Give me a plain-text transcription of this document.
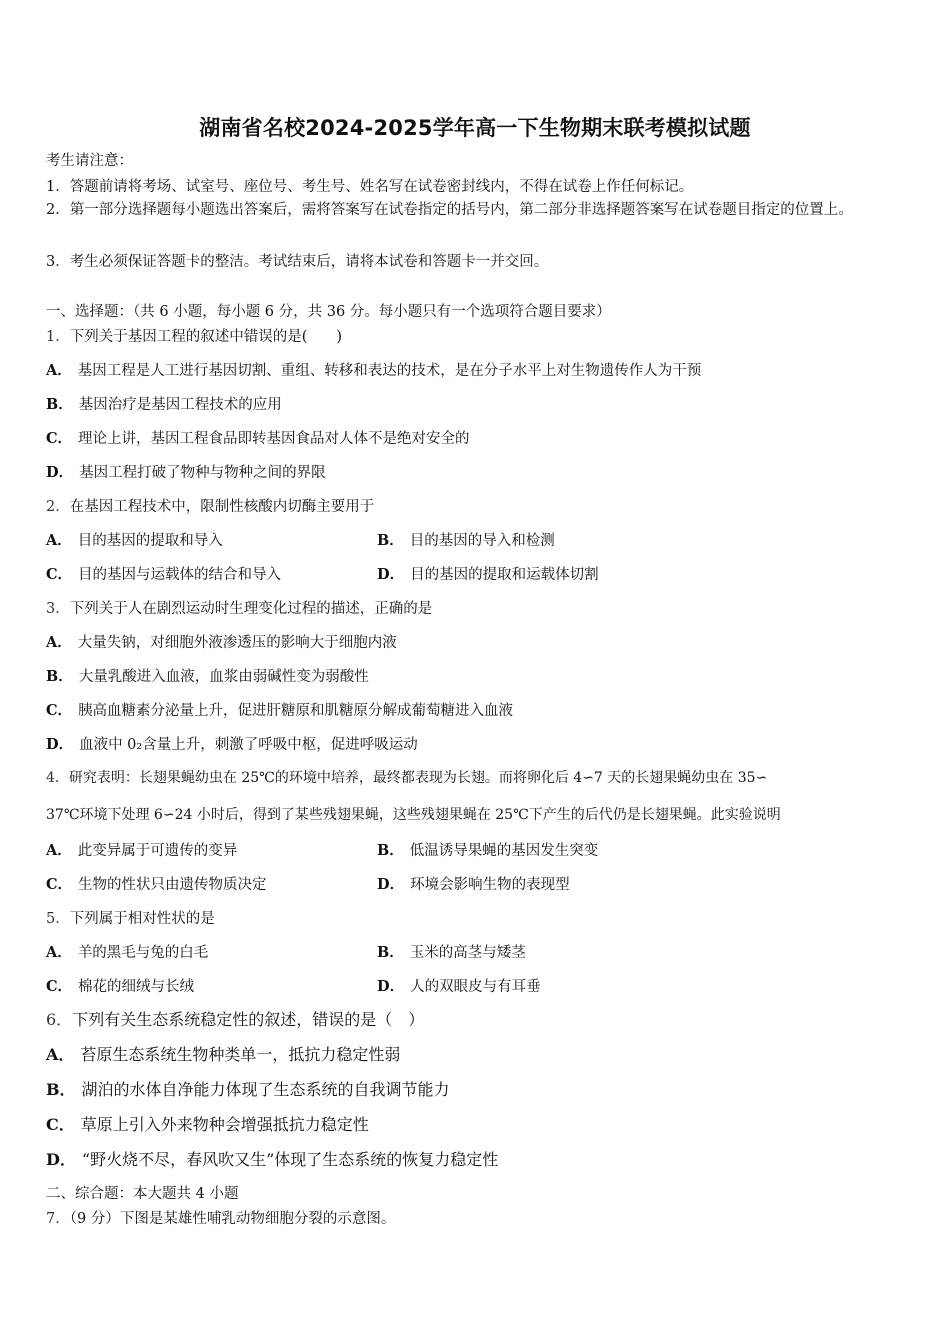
湖南省名校2024-2025学年高一下生物期末联考模拟试题
考生请注意：
1．答题前请将考场、试室号、座位号、考生号、姓名写在试卷密封线内，不得在试卷上作任何标记。
2．第一部分选择题每小题选出答案后，需将答案写在试卷指定的括号内，第二部分非选择题答案写在试卷题目指定的位置上。
3．考生必须保证答题卡的整洁。考试结束后，请将本试卷和答题卡一并交回。
一、选择题：（共 6 小题，每小题 6 分，共 36 分。每小题只有一个选项符合题目要求）
1．下列关于基因工程的叙述中错误的是(　　)
A． 基因工程是人工进行基因切割、重组、转移和表达的技术，是在分子水平上对生物遗传作人为干预
B． 基因治疗是基因工程技术的应用
C． 理论上讲，基因工程食品即转基因食品对人体不是绝对安全的
D． 基因工程打破了物种与物种之间的界限
2．在基因工程技术中，限制性核酸内切酶主要用于
A． 目的基因的提取和导入	B． 目的基因的导入和检测
C． 目的基因与运载体的结合和导入	D． 目的基因的提取和运载体切割
3．下列关于人在剧烈运动时生理变化过程的描述，正确的是
A． 大量失钠，对细胞外液渗透压的影响大于细胞内液
B． 大量乳酸进入血液，血浆由弱碱性变为弱酸性
C． 胰高血糖素分泌量上升，促进肝糖原和肌糖原分解成葡萄糖进入血液
D． 血液中 0₂含量上升，刺激了呼吸中枢，促进呼吸运动
4．研究表明：长翅果蝇幼虫在 25℃的环境中培养，最终都表现为长翅。而将卵化后 4∽7 天的长翅果蝇幼虫在 35∽
37℃环境下处理 6∽24 小时后，得到了某些残翅果蝇，这些残翅果蝇在 25℃下产生的后代仍是长翅果蝇。此实验说明
A． 此变异属于可遗传的变异	B． 低温诱导果蝇的基因发生突变
C． 生物的性状只由遗传物质决定	D． 环境会影响生物的表现型
5．下列属于相对性状的是
A． 羊的黑毛与兔的白毛	B． 玉米的高茎与矮茎
C． 棉花的细绒与长绒	D． 人的双眼皮与有耳垂
6．下列有关生态系统稳定性的叙述，错误的是（　）
A． 苔原生态系统生物种类单一，抵抗力稳定性弱
B． 湖泊的水体自净能力体现了生态系统的自我调节能力
C． 草原上引入外来物种会增强抵抗力稳定性
D． “野火烧不尽，春风吹又生”体现了生态系统的恢复力稳定性
二、综合题：本大题共 4 小题
7．（9 分）下图是某雄性哺乳动物细胞分裂的示意图。
